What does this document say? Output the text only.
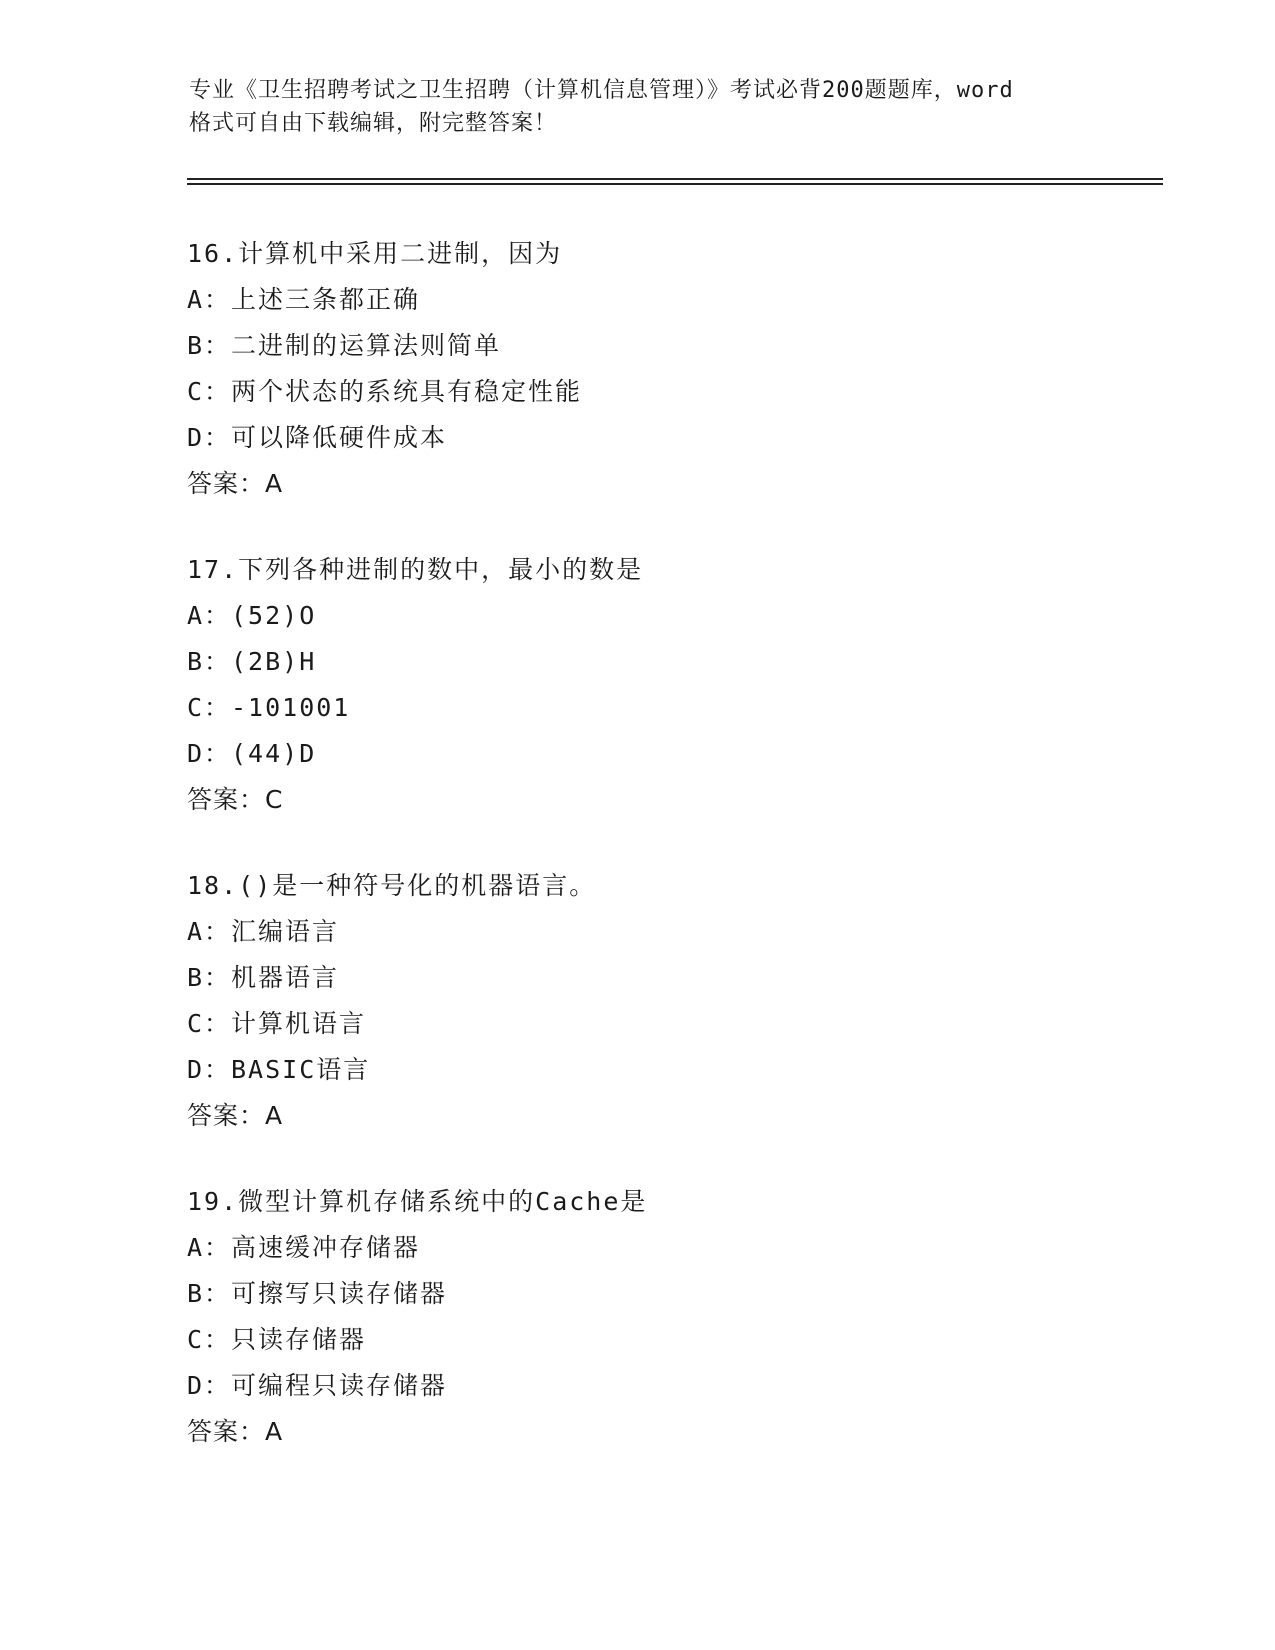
专业《卫生招聘考试之卫生招聘（计算机信息管理）》考试必背200题题库，word
格式可自由下载编辑，附完整答案！
16.计算机中采用二进制，因为
A：上述三条都正确
B：二进制的运算法则简单
C：两个状态的系统具有稳定性能
D：可以降低硬件成本
答案：A
17.下列各种进制的数中，最小的数是
A：(52)O
B：(2B)H
C：-101001
D：(44)D
答案：C
18.()是一种符号化的机器语言。
A：汇编语言
B：机器语言
C：计算机语言
D：BASIC语言
答案：A
19.微型计算机存储系统中的Cache是
A：高速缓冲存储器
B：可擦写只读存储器
C：只读存储器
D：可编程只读存储器
答案：A
